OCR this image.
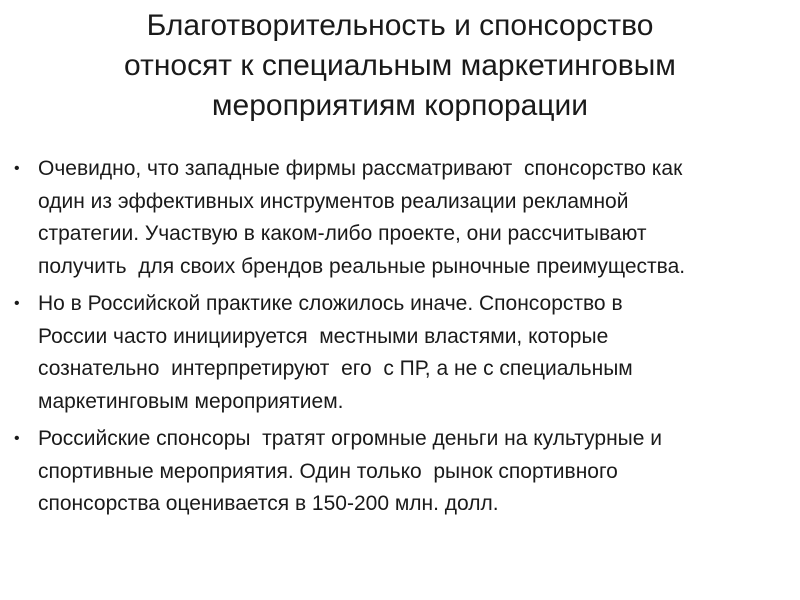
Благотворительность и спонсорство
относят к специальным маркетинговым
мероприятиям корпорации
• Очевидно, что западные фирмы рассматривают  спонсорство как
один из эффективных инструментов реализации рекламной
стратегии. Участвую в каком-либо проекте, они рассчитывают
получить  для своих брендов реальные рыночные преимущества.
• Но в Российской практике сложилось иначе. Спонсорство в
России часто инициируется  местными властями, которые
сознательно  интерпретируют  его  с ПР, а не с специальным
маркетинговым мероприятием.
• Российские спонсоры  тратят огромные деньги на культурные и
спортивные мероприятия. Один только  рынок спортивного
спонсорства оценивается в 150-200 млн. долл.
